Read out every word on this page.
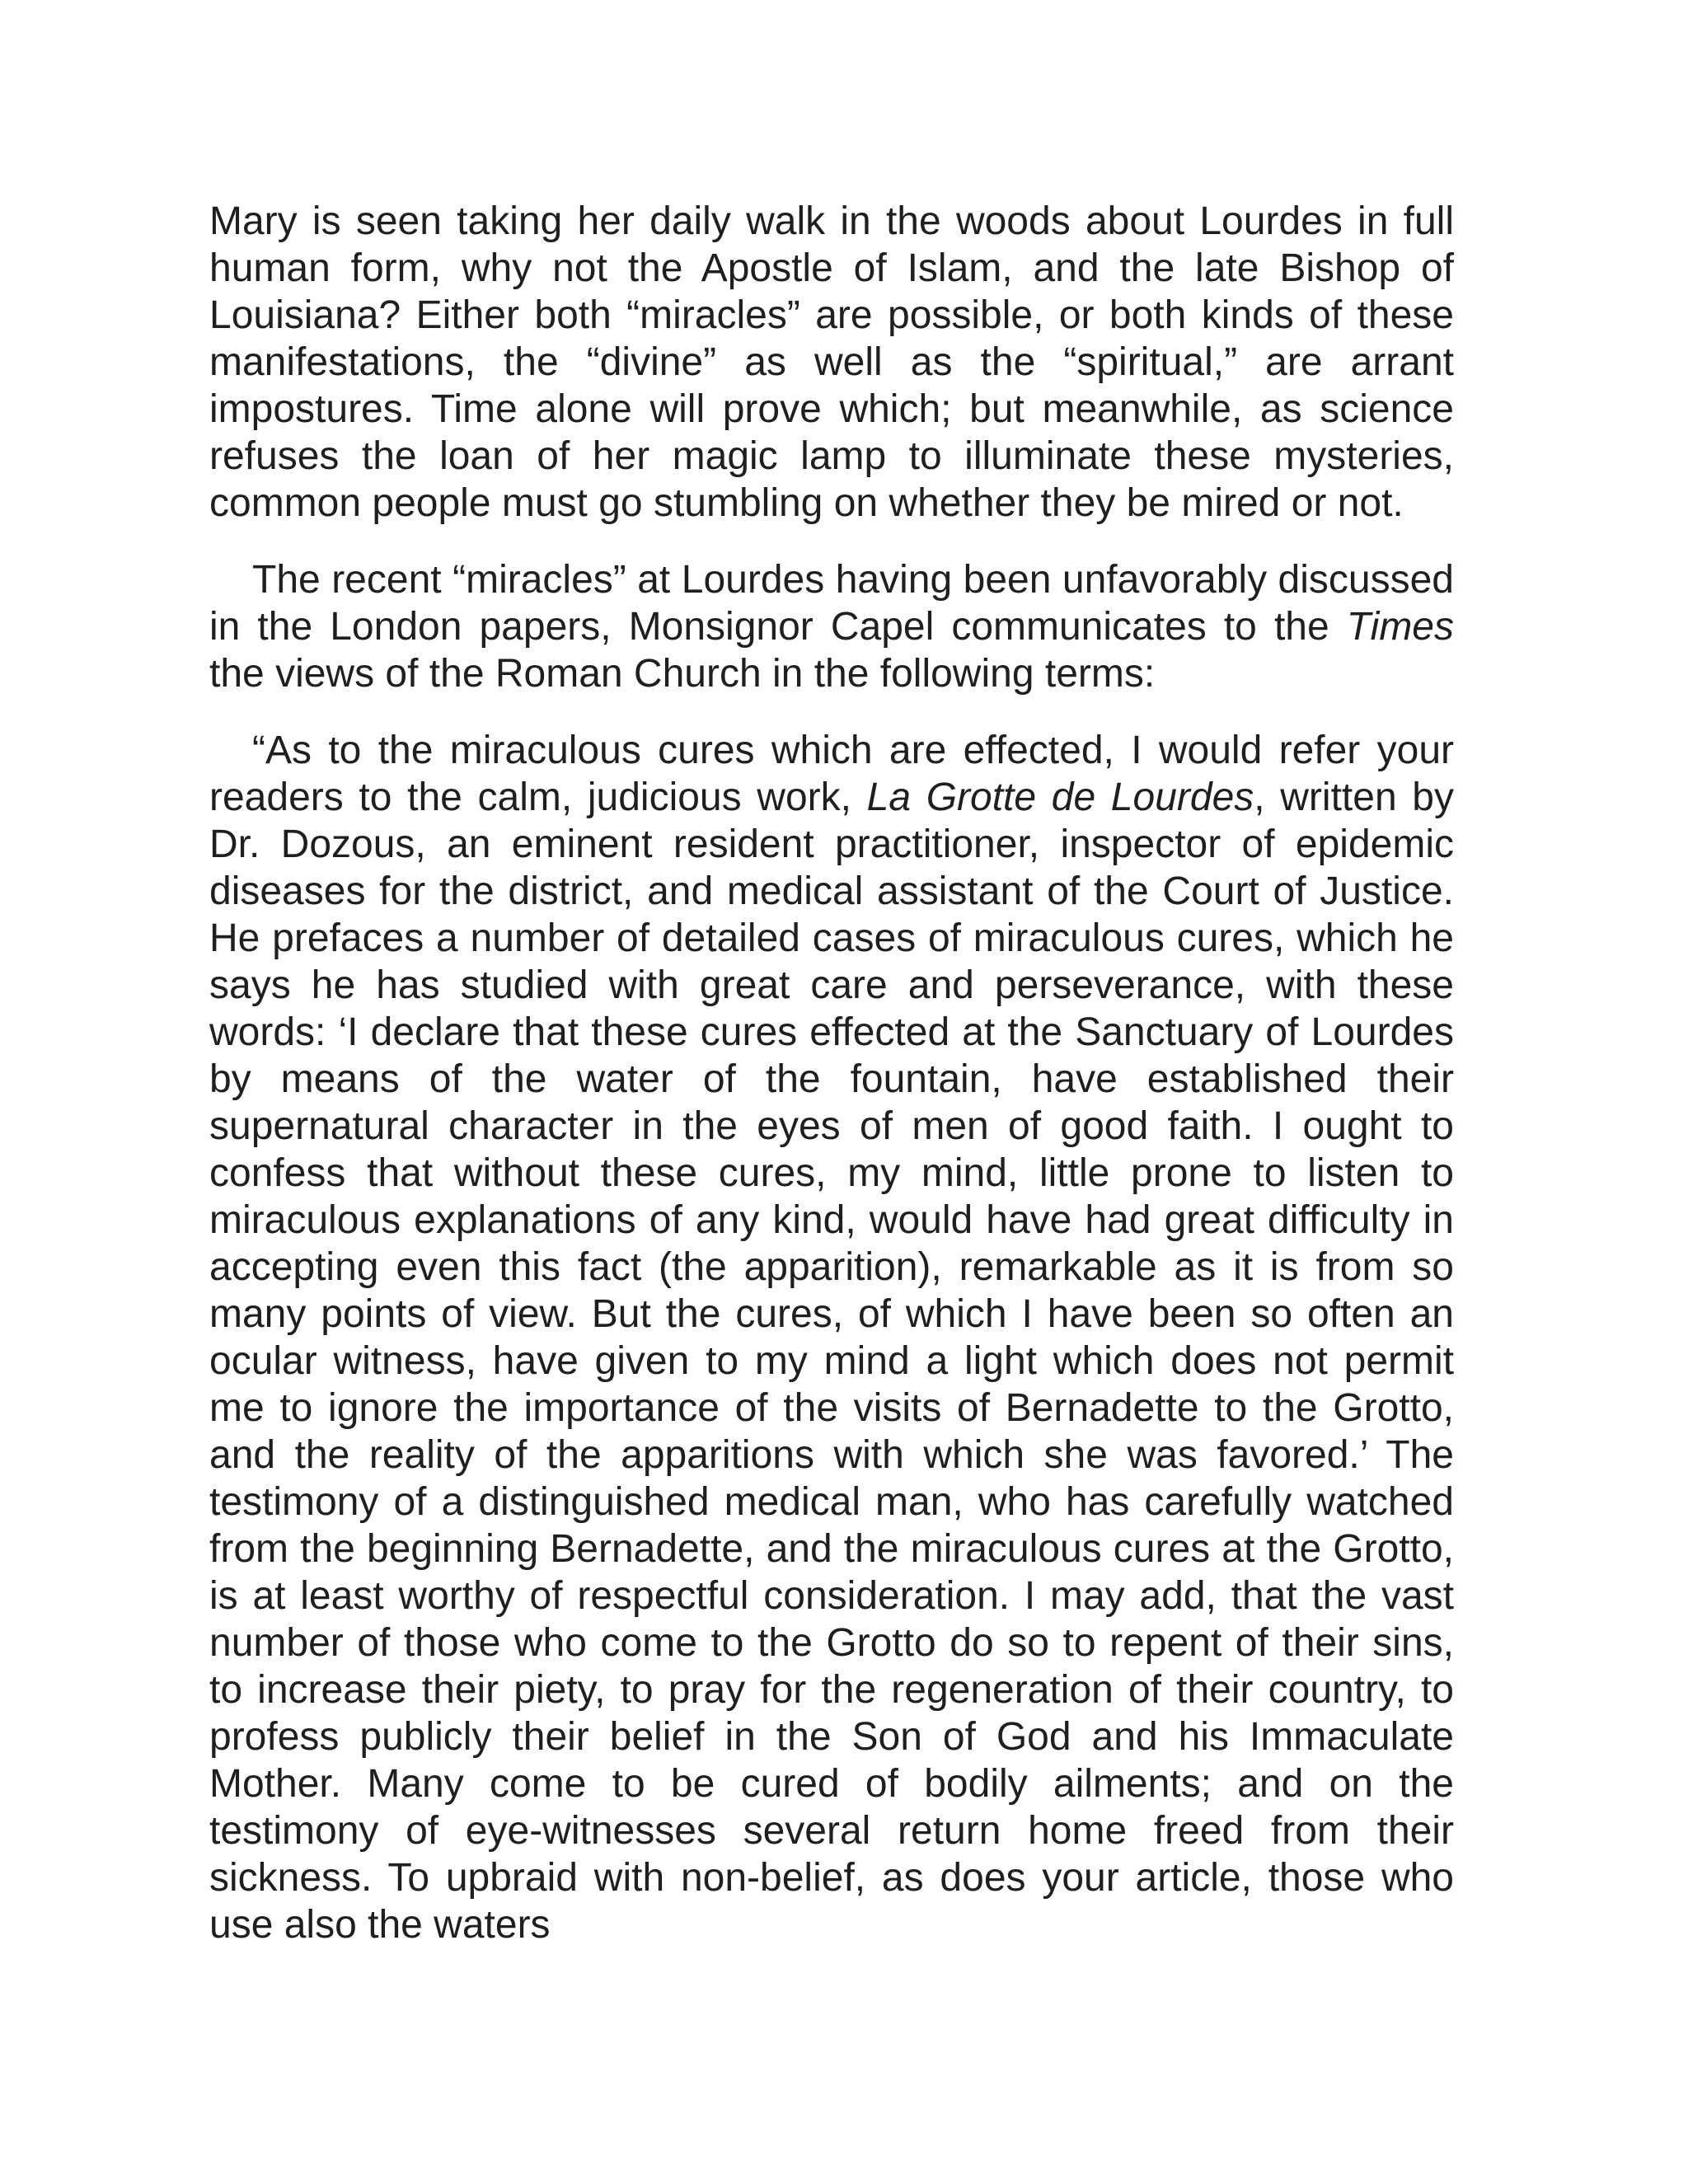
Mary is seen taking her daily walk in the woods about Lourdes in full human form, why not the Apostle of Islam, and the late Bishop of Louisiana? Either both “miracles” are possible, or both kinds of these manifestations, the “divine” as well as the “spiritual,” are arrant impostures. Time alone will prove which; but meanwhile, as science refuses the loan of her magic lamp to illuminate these mysteries, common people must go stumbling on whether they be mired or not.

The recent “miracles” at Lourdes having been unfavorably discussed in the London papers, Monsignor Capel communicates to the Times the views of the Roman Church in the following terms:

“As to the miraculous cures which are effected, I would refer your readers to the calm, judicious work, La Grotte de Lourdes, written by Dr. Dozous, an eminent resident practitioner, inspector of epidemic diseases for the district, and medical assistant of the Court of Justice. He prefaces a number of detailed cases of miraculous cures, which he says he has studied with great care and perseverance, with these words: ‘I declare that these cures effected at the Sanctuary of Lourdes by means of the water of the fountain, have established their supernatural character in the eyes of men of good faith. I ought to confess that without these cures, my mind, little prone to listen to miraculous explanations of any kind, would have had great difficulty in accepting even this fact (the apparition), remarkable as it is from so many points of view. But the cures, of which I have been so often an ocular witness, have given to my mind a light which does not permit me to ignore the importance of the visits of Bernadette to the Grotto, and the reality of the apparitions with which she was favored.’ The testimony of a distinguished medical man, who has carefully watched from the beginning Bernadette, and the miraculous cures at the Grotto, is at least worthy of respectful consideration. I may add, that the vast number of those who come to the Grotto do so to repent of their sins, to increase their piety, to pray for the regeneration of their country, to profess publicly their belief in the Son of God and his Immaculate Mother. Many come to be cured of bodily ailments; and on the testimony of eye-witnesses several return home freed from their sickness. To upbraid with non-belief, as does your article, those who use also the waters
